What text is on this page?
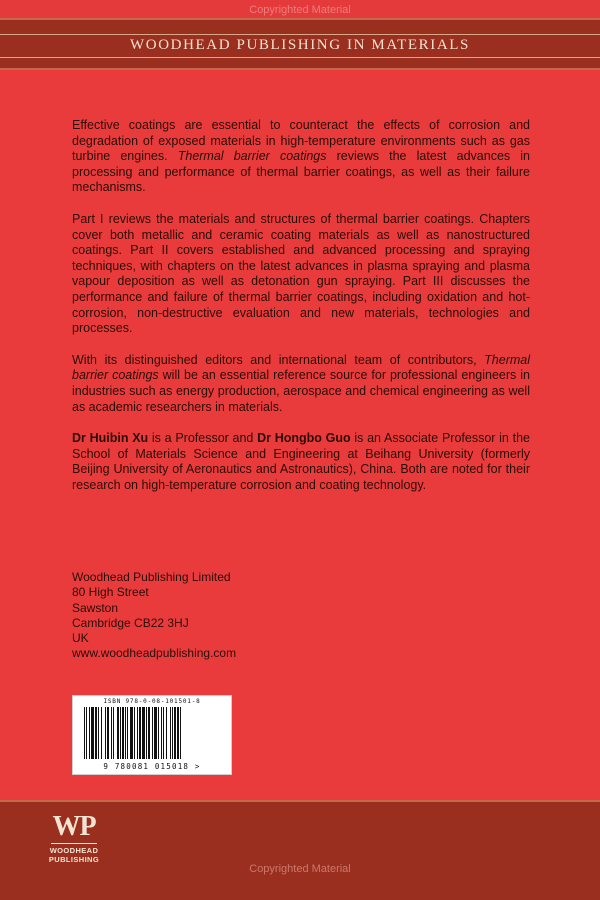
Copyrighted Material
WOODHEAD PUBLISHING IN MATERIALS

Effective coatings are essential to counteract the effects of corrosion and degradation of exposed materials in high-temperature environments such as gas turbine engines. Thermal barrier coatings reviews the latest advances in processing and performance of thermal barrier coatings, as well as their failure mechanisms.

Part I reviews the materials and structures of thermal barrier coatings. Chapters cover both metallic and ceramic coating materials as well as nanostructured coatings. Part II covers established and advanced processing and spraying techniques, with chapters on the latest advances in plasma spraying and plasma vapour deposition as well as detonation gun spraying. Part III discusses the performance and failure of thermal barrier coatings, including oxidation and hot-corrosion, non-destructive evaluation and new materials, technologies and processes.

With its distinguished editors and international team of contributors, Thermal barrier coatings will be an essential reference source for professional engineers in industries such as energy production, aerospace and chemical engineering as well as academic researchers in materials.

Dr Huibin Xu is a Professor and Dr Hongbo Guo is an Associate Professor in the School of Materials Science and Engineering at Beihang University (formerly Beijing University of Aeronautics and Astronautics), China. Both are noted for their research on high-temperature corrosion and coating technology.

Woodhead Publishing Limited
80 High Street
Sawston
Cambridge CB22 3HJ
UK
www.woodheadpublishing.com
ISBN 978-0-08-101501-8
9 780081 015018 >
WP
WOODHEAD
PUBLISHING
Copyrighted Material
